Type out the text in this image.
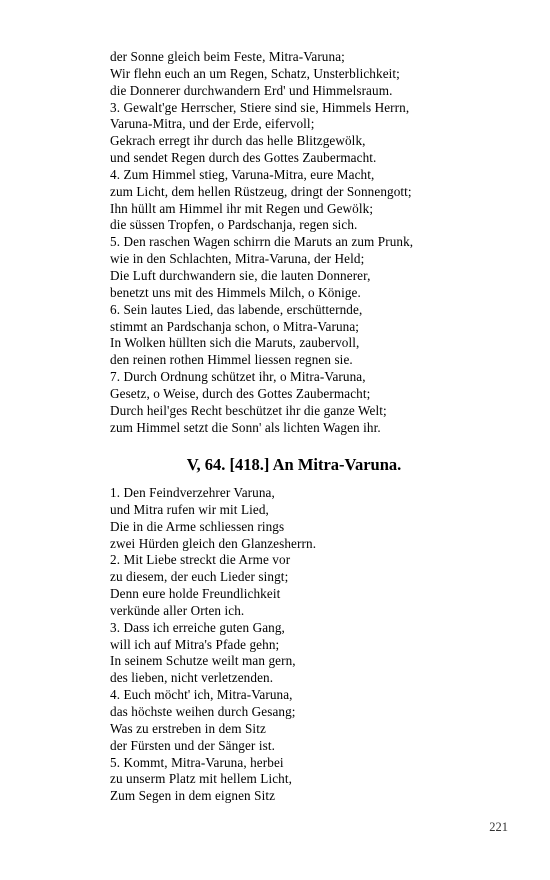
der Sonne gleich beim Feste, Mitra-Varuna;
Wir flehn euch an um Regen, Schatz, Unsterblichkeit;
die Donnerer durchwandern Erd' und Himmelsraum.
3. Gewalt'ge Herrscher, Stiere sind sie, Himmels Herrn,
Varuna-Mitra, und der Erde, eifervoll;
Gekrach erregt ihr durch das helle Blitzgewölk,
und sendet Regen durch des Gottes Zaubermacht.
4. Zum Himmel stieg, Varuna-Mitra, eure Macht,
zum Licht, dem hellen Rüstzeug, dringt der Sonnengott;
Ihn hüllt am Himmel ihr mit Regen und Gewölk;
die süssen Tropfen, o Pardschanja, regen sich.
5. Den raschen Wagen schirrn die Maruts an zum Prunk,
wie in den Schlachten, Mitra-Varuna, der Held;
Die Luft durchwandern sie, die lauten Donnerer,
benetzt uns mit des Himmels Milch, o Könige.
6. Sein lautes Lied, das labende, erschütternde,
stimmt an Pardschanja schon, o Mitra-Varuna;
In Wolken hüllten sich die Maruts, zaubervoll,
den reinen rothen Himmel liessen regnen sie.
7. Durch Ordnung schützet ihr, o Mitra-Varuna,
Gesetz, o Weise, durch des Gottes Zaubermacht;
Durch heil'ges Recht beschützet ihr die ganze Welt;
zum Himmel setzt die Sonn' als lichten Wagen ihr.
V, 64. [418.] An Mitra-Varuna.
1. Den Feindverzehrer Varuna,
und Mitra rufen wir mit Lied,
Die in die Arme schliessen rings
zwei Hürden gleich den Glanzesherrn.
2. Mit Liebe streckt die Arme vor
zu diesem, der euch Lieder singt;
Denn eure holde Freundlichkeit
verkünde aller Orten ich.
3. Dass ich erreiche guten Gang,
will ich auf Mitra's Pfade gehn;
In seinem Schutze weilt man gern,
des lieben, nicht verletzenden.
4. Euch möcht' ich, Mitra-Varuna,
das höchste weihen durch Gesang;
Was zu erstreben in dem Sitz
der Fürsten und der Sänger ist.
5. Kommt, Mitra-Varuna, herbei
zu unserm Platz mit hellem Licht,
Zum Segen in dem eignen Sitz
221
